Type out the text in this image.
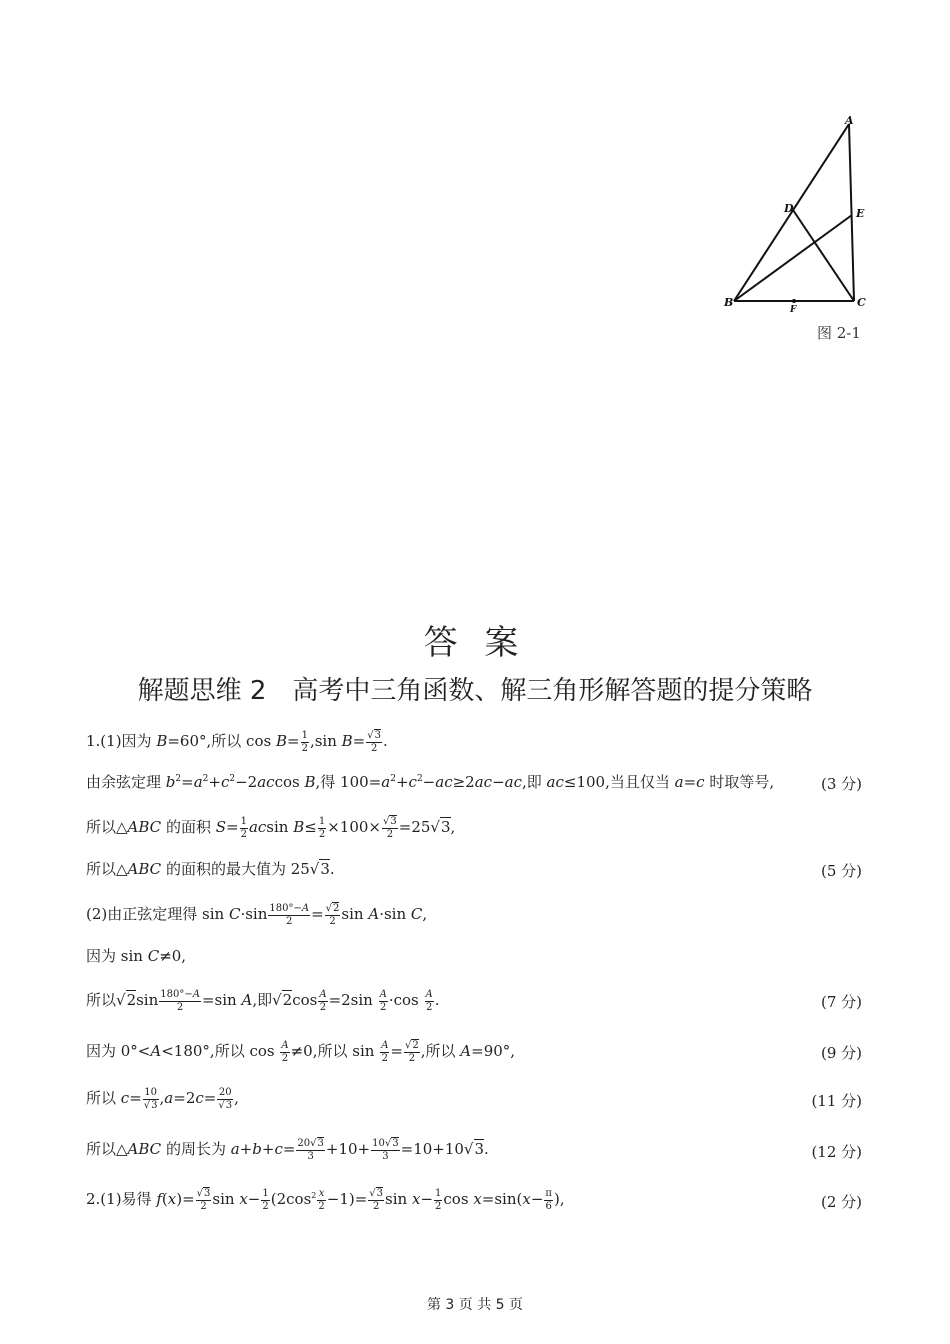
A
B	C
D	E
F
图 2-1
答 案
解题思维 2　高考中三角函数、解三角形解答题的提分策略
1.(1)因为 B=60°,所以 $\cos B= \frac{1}{2} ,\sin$ $B= \frac{√3}{2}$ .
由余弦定理 $b^2=a^2+c^2-2accos$ B,得 $100=a^2+c^2-ac\ge 2ac-ac$,即 ac≤100,当且仅当 a=c 时取等号,	(3 分)
所以△ABC 的面积 $S= \frac{1}{2}$ acsin $B\le \frac{1}{2} \times 100\times \frac{√3}{2} =25√3$,
所以△ABC 的面积的最大值为 25√3.	(5 分)
(2)由正弦定理得 $\sin C\cdot\sin \frac{180^\circ-A}{2} = \frac{√2}{2}$ sin A·sin C,
因为 sin C≠0,
所以$√2\sin \frac{180^\circ-A}{2} =\sin$ A,即$√2\cos \frac{A}{2} =2\sin \frac{A}{2} \cdot\cos \frac{A}{2}$ .	(7 分)
因为 0°<A<180°,所以 $\cos \frac{A}{2} \ne 0$,所以 $\sin \frac{A}{2} = \frac{√2}{2}$ ,所以 A=90°,	(9 分)
所以 $c= \frac{10}{√3} ,a=2c= \frac{20}{√3}$ ,	(11 分)
所以△ABC 的周长为 $a+b+c= \frac{20√3}{3} +10+ \frac{10√3}{3} =10+10√3$.	(12 分)
2.(1)易得 $f(x)= \frac{√3}{2}$ $\sin x- \frac{1}{2} (2\cos^2 \frac{x}{2} -1)= \frac{√3}{2}$ $\sin x- \frac{1}{2}$ $\cos x=\sin(x- \frac{\pi}{6}$ ),	(2 分)
第 3 页 共 5 页
